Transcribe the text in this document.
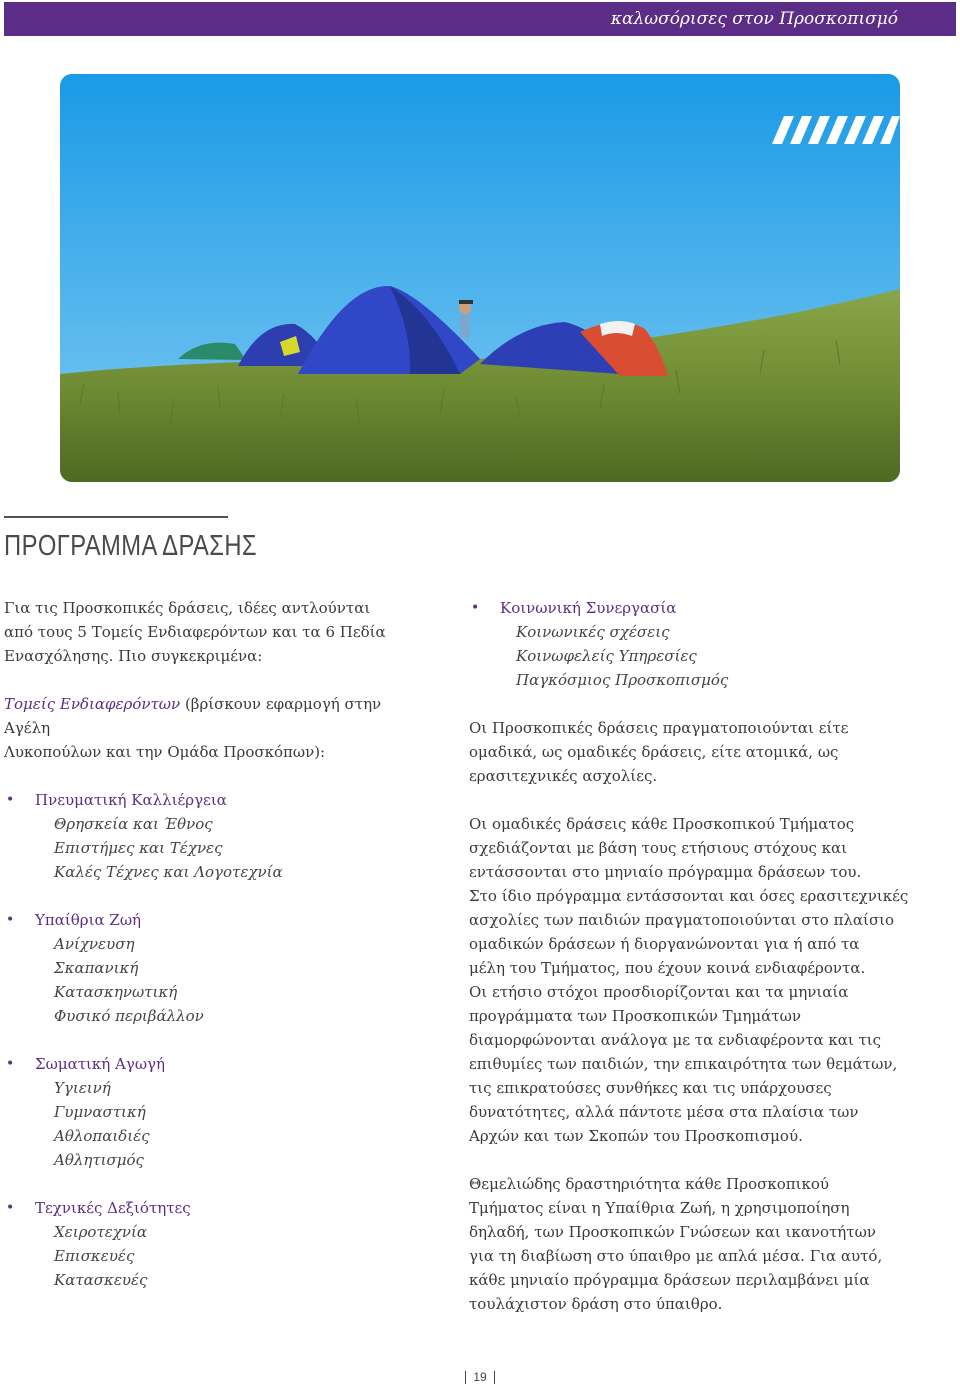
καλωσόρισες στον Προσκοπισμό
ΠΡΟΓΡΑΜΜΑ ΔΡΑΣΗΣ
Για τις Προσκοπικές δράσεις, ιδέες αντλούνται
από τους 5 Τομείς Ενδιαφερόντων και τα 6 Πεδία
Ενασχόλησης. Πιο συγκεκριμένα:
Τομείς Ενδιαφερόντων (βρίσκουν εφαρμογή στην Αγέλη
Λυκοπούλων και την Ομάδα Προσκόπων):
• Πνευματική Καλλιέργεια
Θρησκεία και Έθνος
Επιστήμες και Τέχνες
Καλές Τέχνες και Λογοτεχνία
• Υπαίθρια Ζωή
Ανίχνευση
Σκαπανική
Κατασκηνωτική
Φυσικό περιβάλλον
• Σωματική Αγωγή
Υγιεινή
Γυμναστική
Αθλοπαιδιές
Αθλητισμός
• Τεχνικές Δεξιότητες
Χειροτεχνία
Επισκευές
Κατασκευές
• Κοινωνική Συνεργασία
Κοινωνικές σχέσεις
Κοινωφελείς Υπηρεσίες
Παγκόσμιος Προσκοπισμός
Οι Προσκοπικές δράσεις πραγματοποιούνται είτε
ομαδικά, ως ομαδικές δράσεις, είτε ατομικά, ως
ερασιτεχνικές ασχολίες.
Οι ομαδικές δράσεις κάθε Προσκοπικού Τμήματος
σχεδιάζονται με βάση τους ετήσιους στόχους και
εντάσσονται στο μηνιαίο πρόγραμμα δράσεων του.
Στο ίδιο πρόγραμμα εντάσσονται και όσες ερασιτεχνικές
ασχολίες των παιδιών πραγματοποιούνται στο πλαίσιο
ομαδικών δράσεων ή διοργανώνονται για ή από τα
μέλη του Τμήματος, που έχουν κοινά ενδιαφέροντα.
Οι ετήσιο στόχοι προσδιορίζονται και τα μηνιαία
προγράμματα των Προσκοπικών Τμημάτων
διαμορφώνονται ανάλογα με τα ενδιαφέροντα και τις
επιθυμίες των παιδιών, την επικαιρότητα των θεμάτων,
τις επικρατούσες συνθήκες και τις υπάρχουσες
δυνατότητες, αλλά πάντοτε μέσα στα πλαίσια των
Αρχών και των Σκοπών του Προσκοπισμού.
Θεμελιώδης δραστηριότητα κάθε Προσκοπικού
Τμήματος είναι η Υπαίθρια Ζωή, η χρησιμοποίηση
δηλαδή, των Προσκοπικών Γνώσεων και ικανοτήτων
για τη διαβίωση στο ύπαιθρο με απλά μέσα. Για αυτό,
κάθε μηνιαίο πρόγραμμα δράσεων περιλαμβάνει μία
τουλάχιστον δράση στο ύπαιθρο.
19
